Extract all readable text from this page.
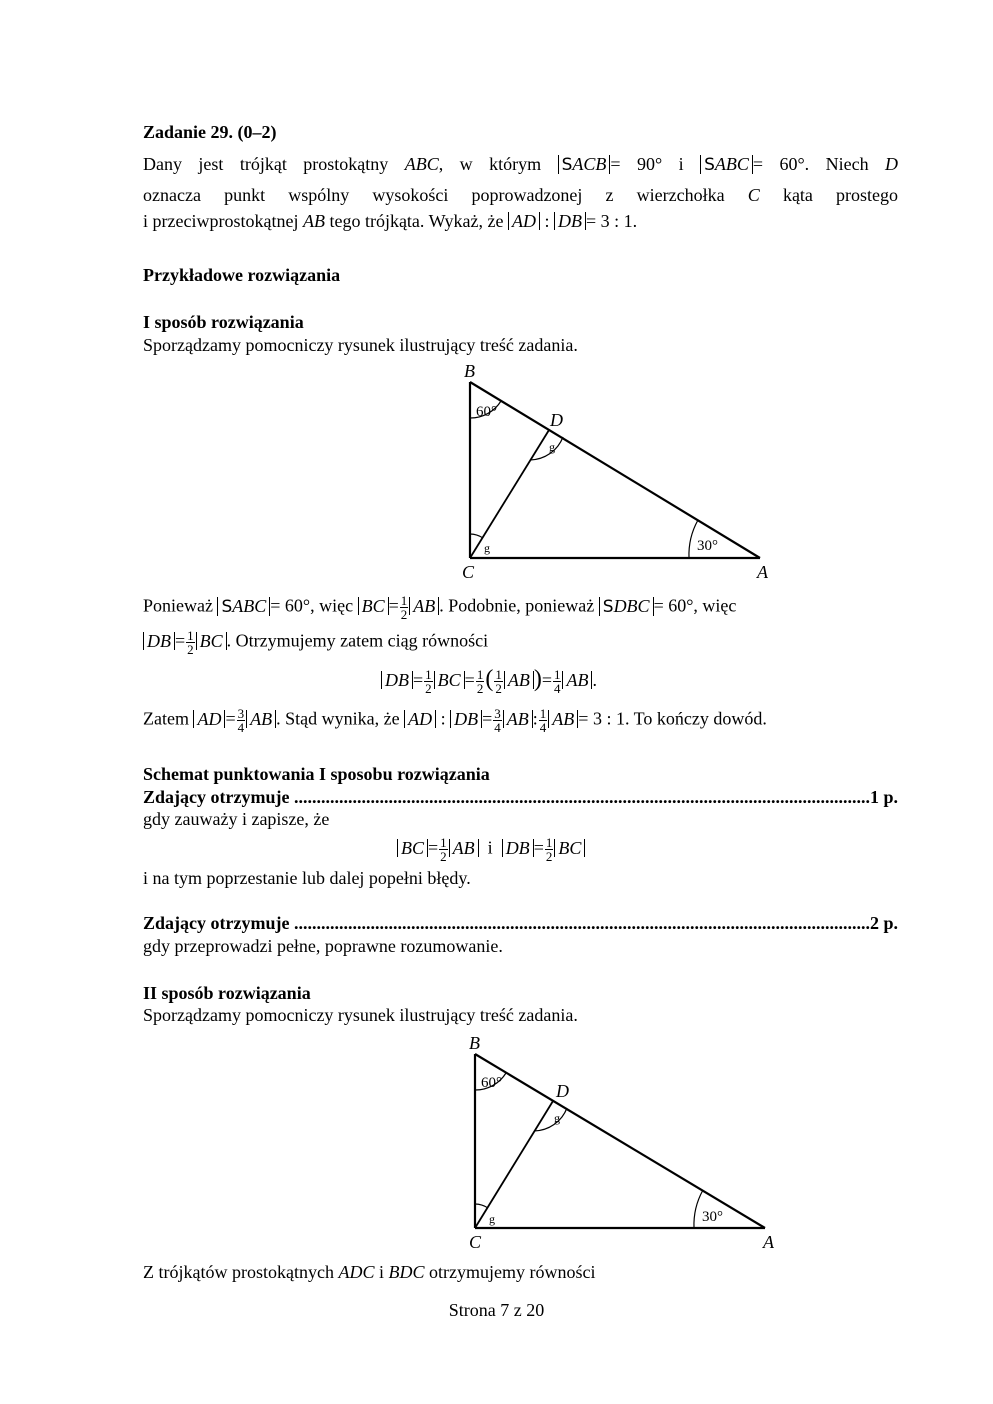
Zadanie 29. (0–2)
Dany jest trójkąt prostokątny ABC, w którym SACB = 90° i SABC = 60°. Niech D
oznacza punkt wspólny wysokości poprowadzonej z wierzchołka C kąta prostego
i przeciwprostokątnej AB tego trójkąta. Wykaż, że AD : DB = 3 : 1.
Przykładowe rozwiązania
I sposób rozwiązania
Sporządzamy pomocniczy rysunek ilustrujący treść zadania.
B
C	A
D
60°
30°
g
g
Ponieważ SABC = 60°, więc BC = $\frac{1}{2}$ AB . Podobnie, ponieważ SDBC = 60°, więc
DB = $\frac{1}{2}$ BC . Otrzymujemy zatem ciąg równości
DB = $\frac{1}{2}$ BC = $\frac{1}{2}$ ( $\frac{1}{2}$ AB )= $\frac{1}{4}$ AB .
Zatem AD = $\frac{3}{4}$ AB . Stąd wynika, że AD : DB = $\frac{3}{4}$ AB : $\frac{1}{4}$ AB = 3 : 1. To kończy dowód.
Schemat punktowania I sposobu rozwiązania
Zdający otrzymuje
.....	1 p.
gdy zauważy i zapisze, że
BC = $\frac{1}{2}$ AB i DB = $\frac{1}{2}$ BC
i na tym poprzestanie lub dalej popełni błędy.
Zdający otrzymuje
.....	2 p.
gdy przeprowadzi pełne, poprawne rozumowanie.
II sposób rozwiązania
Sporządzamy pomocniczy rysunek ilustrujący treść zadania.
B
C	A
D
60°
30°
g
g
Z trójkątów prostokątnych ADC i BDC otrzymujemy równości
Strona 7 z 20
